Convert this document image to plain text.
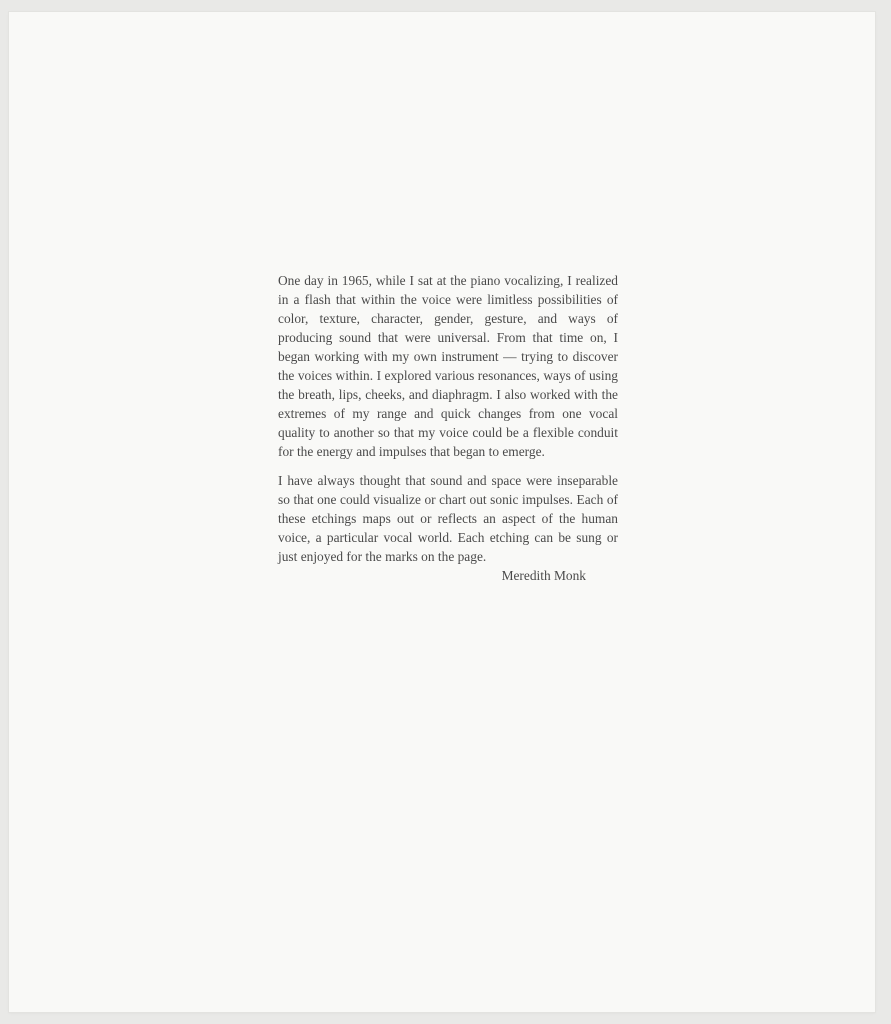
One day in 1965, while I sat at the piano vocalizing, I realized in a flash that within the voice were limitless possibilities of color, texture, character, gender, gesture, and ways of producing sound that were universal. From that time on, I began working with my own instrument — trying to discover the voices within. I explored various resonances, ways of using the breath, lips, cheeks, and diaphragm. I also worked with the extremes of my range and quick changes from one vocal quality to another so that my voice could be a flexible conduit for the energy and impulses that began to emerge.

I have always thought that sound and space were inseparable so that one could visualize or chart out sonic impulses. Each of these etchings maps out or reflects an aspect of the human voice, a particular vocal world. Each etching can be sung or just enjoyed for the marks on the page.

Meredith Monk
